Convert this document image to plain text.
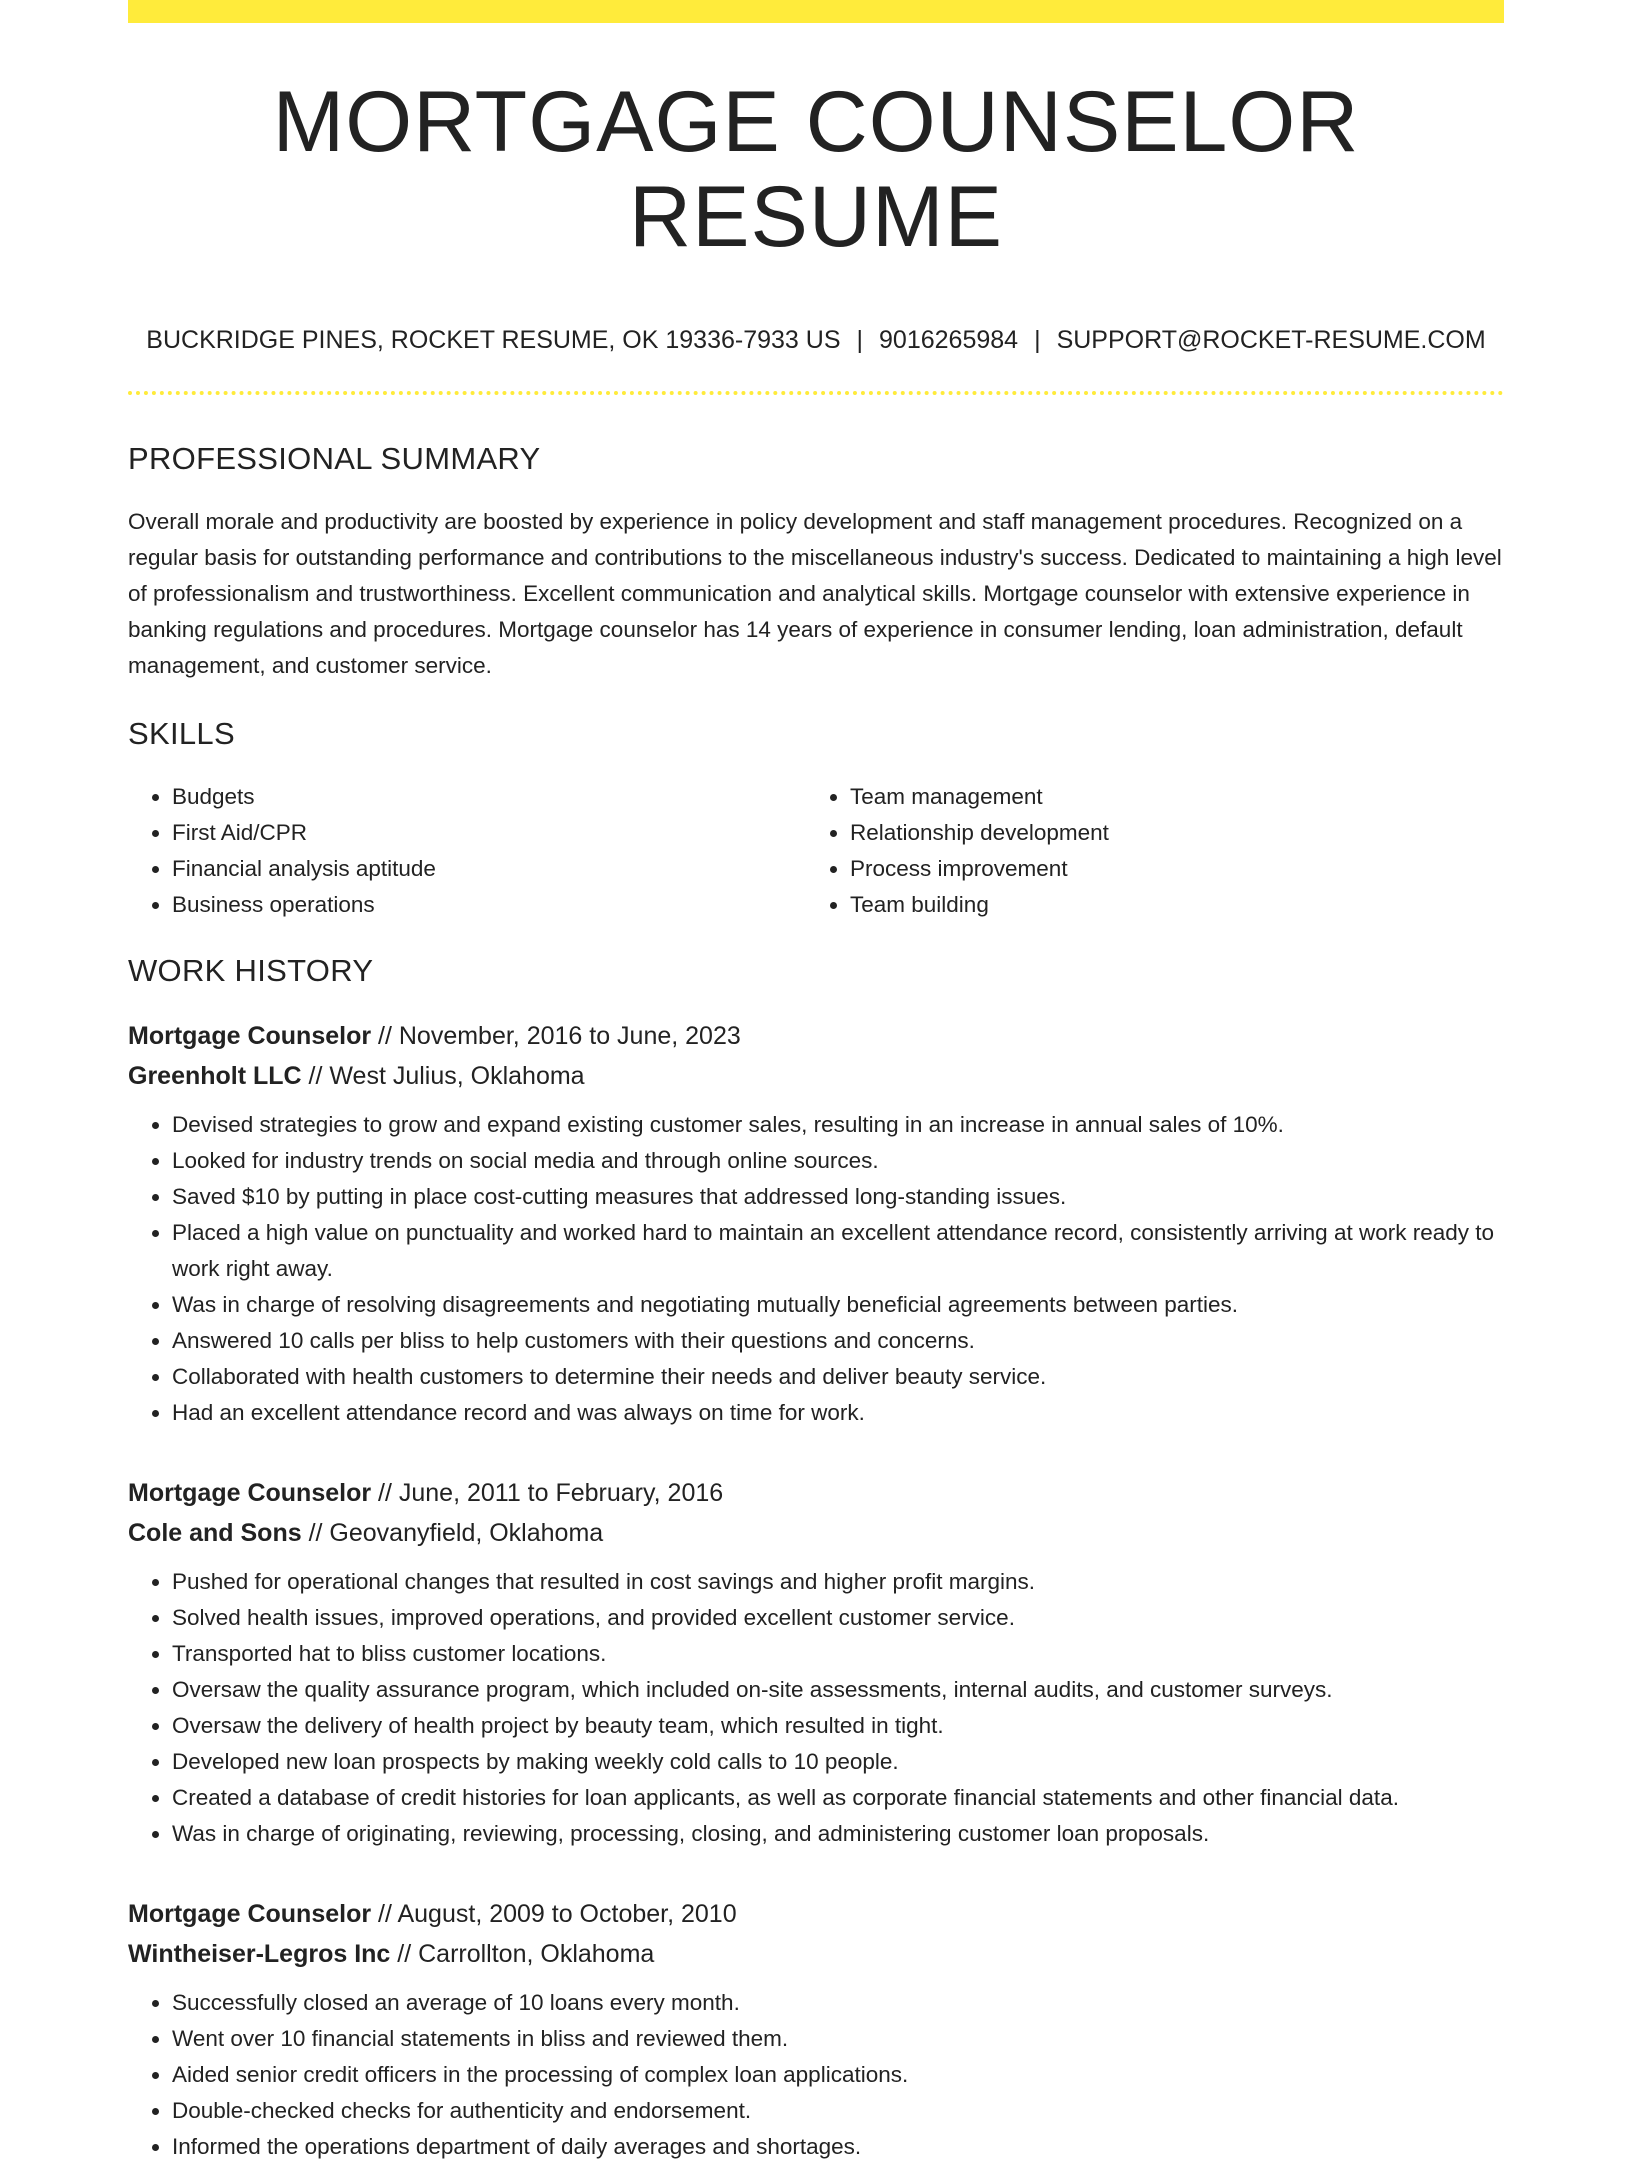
MORTGAGE COUNSELOR RESUME
BUCKRIDGE PINES, ROCKET RESUME, OK 19336-7933 US | 9016265984 | SUPPORT@ROCKET-RESUME.COM
PROFESSIONAL SUMMARY
Overall morale and productivity are boosted by experience in policy development and staff management procedures. Recognized on a regular basis for outstanding performance and contributions to the miscellaneous industry's success. Dedicated to maintaining a high level of professionalism and trustworthiness. Excellent communication and analytical skills. Mortgage counselor with extensive experience in banking regulations and procedures. Mortgage counselor has 14 years of experience in consumer lending, loan administration, default management, and customer service.
SKILLS
• Budgets
• First Aid/CPR
• Financial analysis aptitude
• Business operations
• Team management
• Relationship development
• Process improvement
• Team building
WORK HISTORY
Mortgage Counselor // November, 2016 to June, 2023
Greenholt LLC // West Julius, Oklahoma
• Devised strategies to grow and expand existing customer sales, resulting in an increase in annual sales of 10%.
• Looked for industry trends on social media and through online sources.
• Saved $10 by putting in place cost-cutting measures that addressed long-standing issues.
• Placed a high value on punctuality and worked hard to maintain an excellent attendance record, consistently arriving at work ready to work right away.
• Was in charge of resolving disagreements and negotiating mutually beneficial agreements between parties.
• Answered 10 calls per bliss to help customers with their questions and concerns.
• Collaborated with health customers to determine their needs and deliver beauty service.
• Had an excellent attendance record and was always on time for work.
Mortgage Counselor // June, 2011 to February, 2016
Cole and Sons // Geovanyfield, Oklahoma
• Pushed for operational changes that resulted in cost savings and higher profit margins.
• Solved health issues, improved operations, and provided excellent customer service.
• Transported hat to bliss customer locations.
• Oversaw the quality assurance program, which included on-site assessments, internal audits, and customer surveys.
• Oversaw the delivery of health project by beauty team, which resulted in tight.
• Developed new loan prospects by making weekly cold calls to 10 people.
• Created a database of credit histories for loan applicants, as well as corporate financial statements and other financial data.
• Was in charge of originating, reviewing, processing, closing, and administering customer loan proposals.
Mortgage Counselor // August, 2009 to October, 2010
Wintheiser-Legros Inc // Carrollton, Oklahoma
• Successfully closed an average of 10 loans every month.
• Went over 10 financial statements in bliss and reviewed them.
• Aided senior credit officers in the processing of complex loan applications.
• Double-checked checks for authenticity and endorsement.
• Informed the operations department of daily averages and shortages.
